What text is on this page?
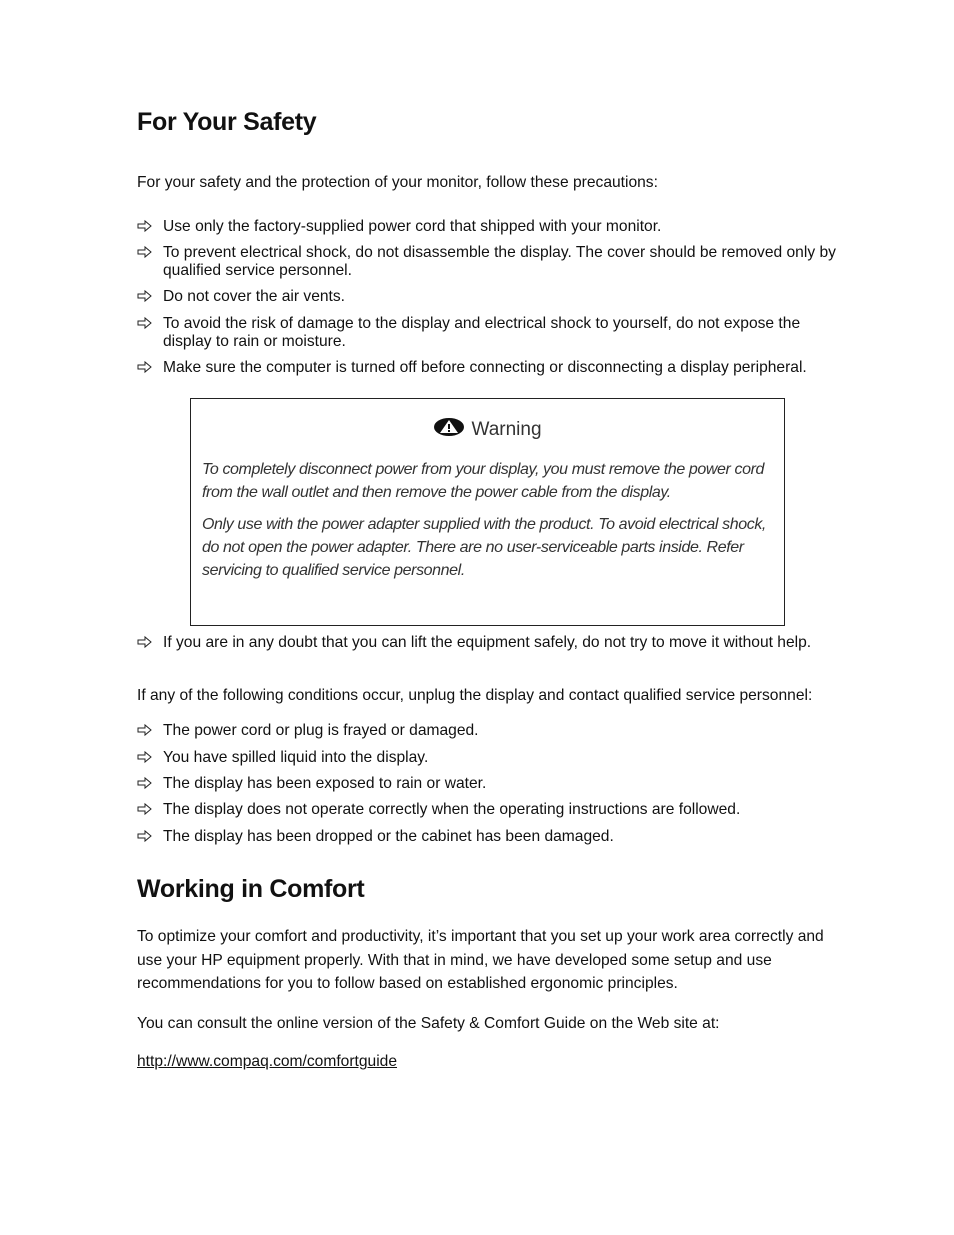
For Your Safety

For your safety and the protection of your monitor, follow these precautions:

Use only the factory-supplied power cord that shipped with your monitor.
To prevent electrical shock, do not disassemble the display. The cover should be removed only by qualified service personnel.
Do not cover the air vents.
To avoid the risk of damage to the display and electrical shock to yourself, do not expose the display to rain or moisture.
Make sure the computer is turned off before connecting or disconnecting a display peripheral.
Warning

To completely disconnect power from your display, you must remove the power cord from the wall outlet and then remove the power cable from the display.

Only use with the power adapter supplied with the product. To avoid electrical shock, do not open the power adapter. There are no user-serviceable parts inside. Refer servicing to qualified service personnel.

If you are in any doubt that you can lift the equipment safely, do not try to move it without help.

If any of the following conditions occur, unplug the display and contact qualified service personnel:

The power cord or plug is frayed or damaged.
You have spilled liquid into the display.
The display has been exposed to rain or water.
The display does not operate correctly when the operating instructions are followed.
The display has been dropped or the cabinet has been damaged.
Working in Comfort

To optimize your comfort and productivity, it’s important that you set up your work area correctly and use your HP equipment properly. With that in mind, we have developed some setup and use recommendations for you to follow based on established ergonomic principles.

You can consult the online version of the Safety & Comfort Guide on the Web site at:

http://www.compaq.com/comfortguide
